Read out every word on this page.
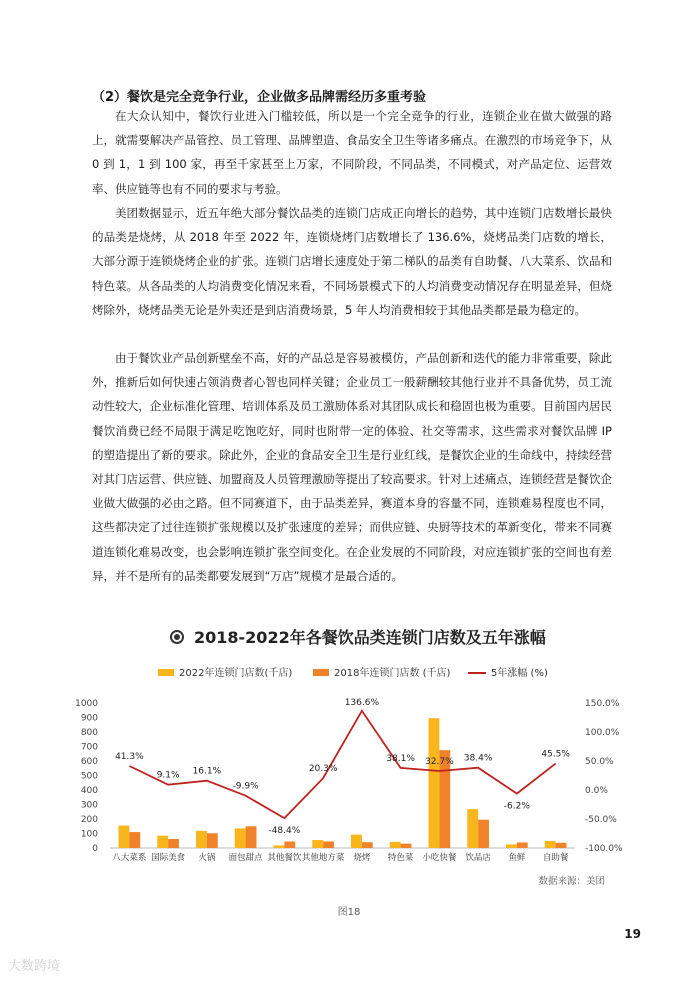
（2）餐饮是完全竞争行业，企业做多品牌需经历多重考验

在大众认知中，餐饮行业进入门槛较低，所以是一个完全竞争的行业，连锁企业在做大做强的路上，就需要解决产品管控、员工管理、品牌塑造、食品安全卫生等诸多痛点。在激烈的市场竞争下，从 0 到 1，1 到 100 家，再至千家甚至上万家，不同阶段，不同品类，不同模式，对产品定位、运营效率、供应链等也有不同的要求与考验。

美团数据显示，近五年绝大部分餐饮品类的连锁门店成正向增长的趋势，其中连锁门店数增长最快的品类是烧烤，从 2018 年至 2022 年，连锁烧烤门店数增长了 136.6%，烧烤品类门店数的增长，大部分源于连锁烧烤企业的扩张。连锁门店增长速度处于第二梯队的品类有自助餐、八大菜系、饮品和特色菜。从各品类的人均消费变化情况来看，不同场景模式下的人均消费变动情况存在明显差异，但烧烤除外，烧烤品类无论是外卖还是到店消费场景，5 年人均消费相较于其他品类都是最为稳定的。

由于餐饮业产品创新壁垒不高，好的产品总是容易被模仿，产品创新和迭代的能力非常重要，除此外，推新后如何快速占领消费者心智也同样关键；企业员工一般薪酬较其他行业并不具备优势，员工流动性较大，企业标准化管理、培训体系及员工激励体系对其团队成长和稳固也极为重要。目前国内居民餐饮消费已经不局限于满足吃饱吃好，同时也附带一定的体验、社交等需求，这些需求对餐饮品牌 IP 的塑造提出了新的要求。除此外，企业的食品安全卫生是行业红线，是餐饮企业的生命线中，持续经营对其门店运营、供应链、加盟商及人员管理激励等提出了较高要求。针对上述痛点，连锁经营是餐饮企业做大做强的必由之路。但不同赛道下，由于品类差异，赛道本身的容量不同，连锁难易程度也不同，这些都决定了过往连锁扩张规模以及扩张速度的差异；而供应链、央厨等技术的革新变化，带来不同赛道连锁化难易改变，也会影响连锁扩张空间变化。在企业发展的不同阶段，对应连锁扩张的空间也有差异，并不是所有的品类都要发展到“万店”规模才是最合适的。

2018-2022年各餐饮品类连锁门店数及五年涨幅
2022年连锁门店数(千店)	2018年连锁门店数 (千店)	5年涨幅 (%)
0
100
200
300
400
500
600
700
800
900
1000
-100.0%
-50.0%
0.0%
50.0%
100.0%
150.0%
八大菜系 国际美食 火锅 面包甜点 其他餐饮 其他地方菜 烧烤 特色菜 小吃快餐 饮品店 鱼鲜 自助餐
41.3%
9.1% 16.1%
-9.9%
-48.4%
20.3%
136.6%
38.1% 32.7% 38.4%
-6.2%
45.5%
数据来源：美团
图18
19
大数跨境
